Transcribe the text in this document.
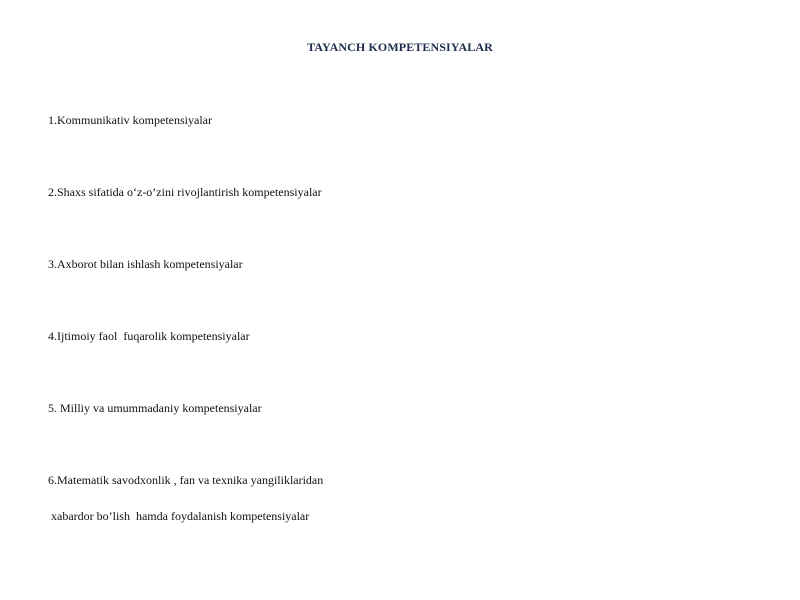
TAYANCH KOMPETENSIYALAR
1.Kommunikativ kompetensiyalar
2.Shaxs sifatida o‘z-o’zini rivojlantirish kompetensiyalar
3.Axborot bilan ishlash kompetensiyalar
4.Ijtimoiy faol  fuqarolik kompetensiyalar
5. Milliy va umummadaniy kompetensiyalar
6.Matematik savodxonlik , fan va texnika yangiliklaridan
xabardor bo’lish  hamda foydalanish kompetensiyalar
